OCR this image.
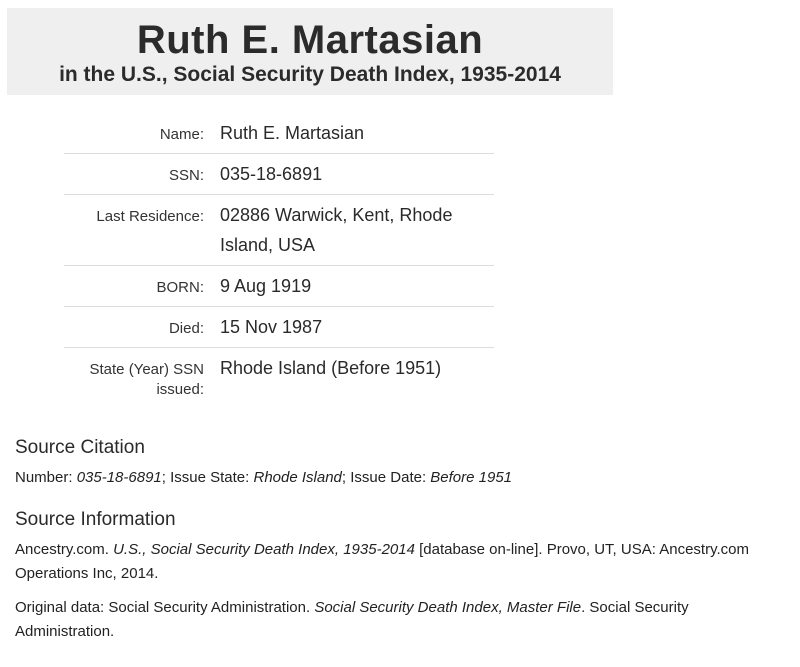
Ruth E. Martasian
in the U.S., Social Security Death Index, 1935-2014
Name:	Ruth E. Martasian
SSN:	035-18-6891
Last Residence:	02886 Warwick, Kent, Rhode Island, USA
BORN:	9 Aug 1919
Died:	15 Nov 1987
State (Year) SSN issued:	Rhode Island (Before 1951)
Source Citation
Number: 035-18-6891; Issue State: Rhode Island; Issue Date: Before 1951
Source Information
Ancestry.com. U.S., Social Security Death Index, 1935-2014 [database on-line]. Provo, UT, USA: Ancestry.com Operations Inc, 2014.
Original data: Social Security Administration. Social Security Death Index, Master File. Social Security Administration.
